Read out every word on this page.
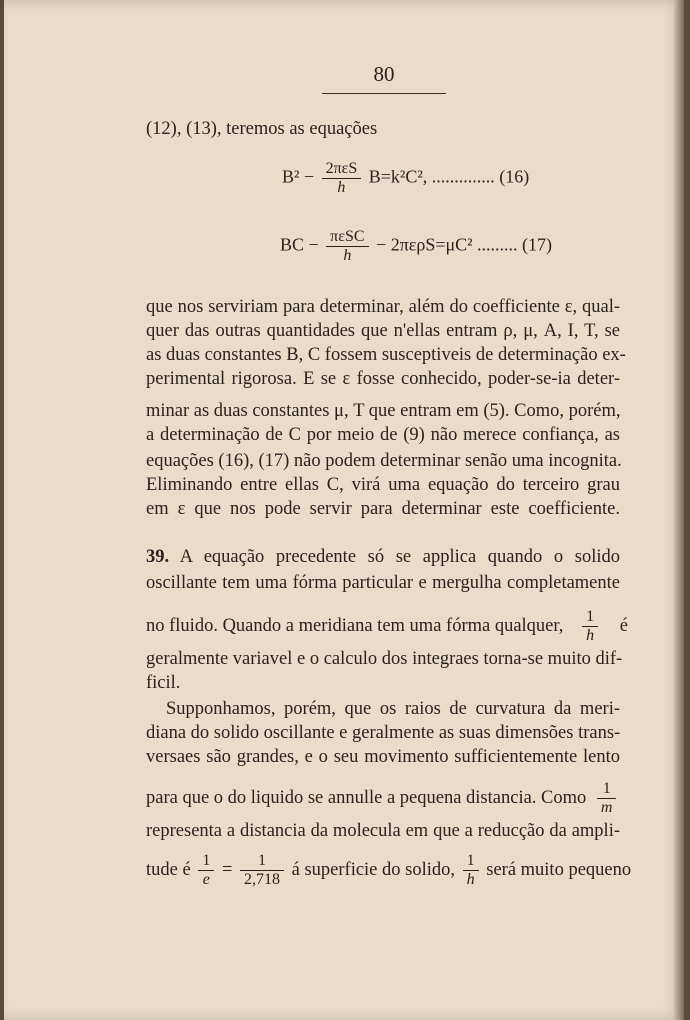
80
(12), (13), teremos as equações
$B^2 - \frac{\text{2πεS}}{h} B=k^2C^2$, .............. (16)
BC − $\frac{\text{πεSC}}{h} - 2\pi\varepsilon\rho S=\mu C^2$ ......... (17)
que nos serviriam para determinar, além do coefficiente ε, qual-
quer das outras quantidades que n'ellas entram ρ, μ, A, I, T, se
as duas constantes B, C fossem susceptiveis de determinação ex-
perimental rigorosa. E se ε fosse conhecido, poder-se-ia deter-
minar as duas constantes μ, T que entram em (5). Como, porém,
a determinação de C por meio de (9) não merece confiança, as
equações (16), (17) não podem determinar senão uma incognita.
Eliminando entre ellas C, virá uma equação do terceiro grau
em ε que nos pode servir para determinar este coefficiente.
39. A equação precedente só se applica quando o solido
oscillante tem uma fórma particular e mergulha completamente
no fluido. Quando a meridiana tem uma fórma qualquer, $\frac{1}{h}$ é
geralmente variavel e o calculo dos integraes torna-se muito dif-
ficil.
Supponhamos, porém, que os raios de curvatura da meri-
diana do solido oscillante e geralmente as suas dimensões trans-
versaes são grandes, e o seu movimento sufficientemente lento
para que o do liquido se annulle a pequena distancia. Como $\frac{1}{m}$
representa a distancia da molecula em que a reducção da ampli-
tude é $\frac{1}{e} = \frac{1}{2,718}$ á superficie do solido, $\frac{1}{h}$ será muito pequeno
